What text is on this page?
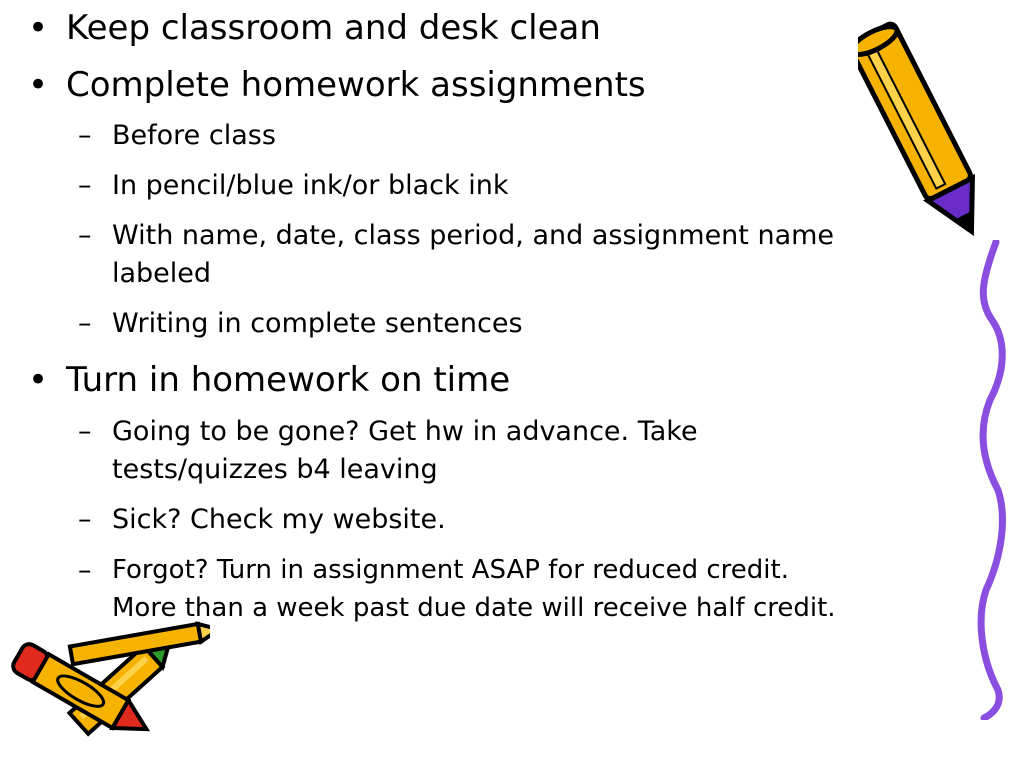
• Keep classroom and desk clean
• Complete homework assignments
– Before class
– In pencil/blue ink/or black ink
– With name, date, class period, and assignment name
labeled
– Writing in complete sentences
• Turn in homework on time
– Going to be gone? Get hw in advance. Take
tests/quizzes b4 leaving
– Sick? Check my website.
– Forgot? Turn in assignment ASAP for reduced credit.
More than a week past due date will receive half credit.
